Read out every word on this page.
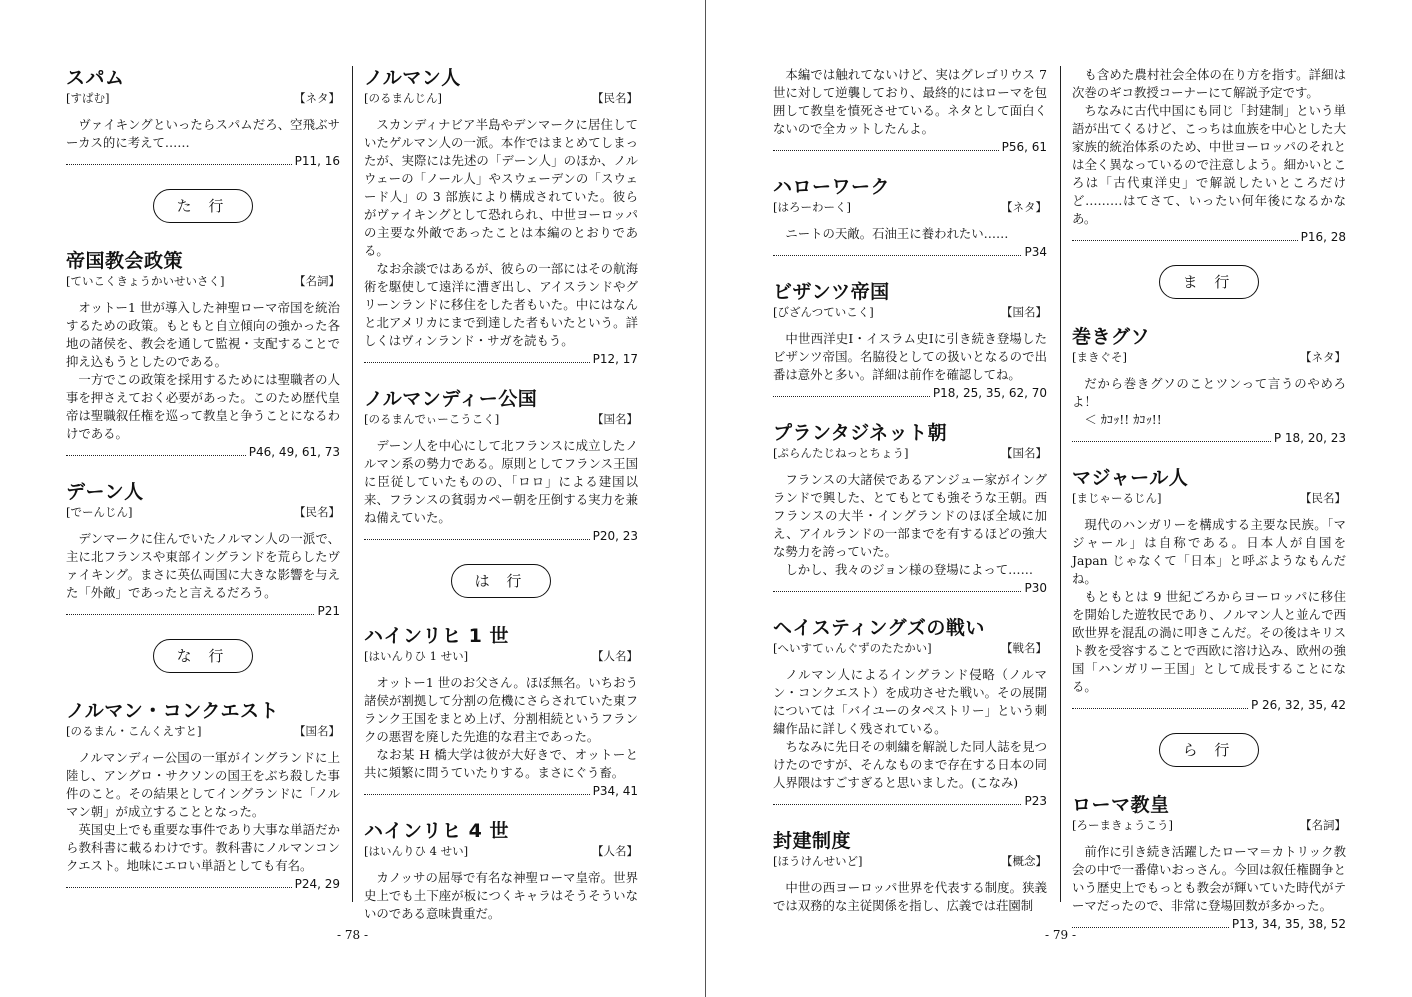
スパム
[すぱむ]	【ネタ】

ヴァイキングといったらスパムだろ、空飛ぶサーカス的に考えて……

P11, 16
た 行
帝国教会政策
[ていこくきょうかいせいさく]	【名詞】

オットー1 世が導入した神聖ローマ帝国を統治するための政策。もともと自立傾向の強かった各地の諸侯を、教会を通して監視・支配することで抑え込もうとしたのである。

一方でこの政策を採用するためには聖職者の人事を押さえておく必要があった。このため歴代皇帝は聖職叙任権を巡って教皇と争うことになるわけである。

P46, 49, 61, 73
デーン人
[でーんじん]	【民名】

デンマークに住んでいたノルマン人の一派で、主に北フランスや東部イングランドを荒らしたヴァイキング。まさに英仏両国に大きな影響を与えた「外敵」であったと言えるだろう。

P21
な 行
ノルマン・コンクエスト
[のるまん・こんくえすと]	【国名】

ノルマンディー公国の一軍がイングランドに上陸し、アングロ・サクソンの国王をぶち殺した事件のこと。その結果としてイングランドに「ノルマン朝」が成立することとなった。

英国史上でも重要な事件であり大事な単語だから教科書に載るわけです。教科書にノルマンコンクエスト。地味にエロい単語としても有名。

P24, 29
ノルマン人
[のるまんじん]	【民名】

スカンディナビア半島やデンマークに居住していたゲルマン人の一派。本作ではまとめてしまったが、実際には先述の「デーン人」のほか、ノルウェーの「ノール人」やスウェーデンの「スウェード人」の 3 部族により構成されていた。彼らがヴァイキングとして恐れられ、中世ヨーロッパの主要な外敵であったことは本編のとおりである。

なお余談ではあるが、彼らの一部にはその航海術を駆使して遠洋に漕ぎ出し、アイスランドやグリーンランドに移住をした者もいた。中にはなんと北アメリカにまで到達した者もいたという。詳しくはヴィンランド・サガを読もう。

P12, 17
ノルマンディー公国
[のるまんでぃーこうこく]	【国名】

デーン人を中心にして北フランスに成立したノルマン系の勢力である。原則としてフランス王国に臣従していたものの、「ロロ」による建国以来、フランスの貧弱カペー朝を圧倒する実力を兼ね備えていた。

P20, 23
は 行
ハインリヒ 1 世
[はいんりひ 1 せい]	【人名】

オットー1 世のお父さん。ほぼ無名。いちおう諸侯が割拠して分割の危機にさらされていた東フランク王国をまとめ上げ、分割相続というフランクの悪習を廃した先進的な君主であった。

なお某 H 橋大学は彼が大好きで、オットーと共に頻繁に問うていたりする。まさにぐう畜。

P34, 41
ハインリヒ 4 世
[はいんりひ 4 せい]	【人名】

カノッサの屈辱で有名な神聖ローマ皇帝。世界史上でも土下座が板につくキャラはそうそういないのである意味貴重だ。

本編では触れてないけど、実はグレゴリウス 7 世に対して逆襲しており、最終的にはローマを包囲して教皇を憤死させている。ネタとして面白くないので全カットしたんよ。

P56, 61
ハローワーク
[はろーわーく]	【ネタ】

ニートの天敵。石油王に養われたい……

P34
ビザンツ帝国
[びざんつていこく]	【国名】

中世西洋史Ⅰ・イスラム史Ⅰに引き続き登場したビザンツ帝国。名脇役としての扱いとなるので出番は意外と多い。詳細は前作を確認してね。

P18, 25, 35, 62, 70
プランタジネット朝
[ぷらんたじねっとちょう]	【国名】

フランスの大諸侯であるアンジュー家がイングランドで興した、とてもとても強そうな王朝。西フランスの大半・イングランドのほぼ全域に加え、アイルランドの一部までを有するほどの強大な勢力を誇っていた。

しかし、我々のジョン様の登場によって……

P30
ヘイスティングズの戦い
[へいすてぃんぐずのたたかい]	【戦名】

ノルマン人によるイングランド侵略（ノルマン・コンクエスト）を成功させた戦い。その展開については「バイユーのタペストリー」という刺繍作品に詳しく残されている。

ちなみに先日その刺繍を解説した同人誌を見つけたのですが、そんなものまで存在する日本の同人界隈はすごすぎると思いました。(こなみ)

P23
封建制度
[ほうけんせいど]	【概念】

中世の西ヨーロッパ世界を代表する制度。狭義では双務的な主従関係を指し、広義では荘園制

も含めた農村社会全体の在り方を指す。詳細は次巻のギコ教授コーナーにて解説予定です。

ちなみに古代中国にも同じ「封建制」という単語が出てくるけど、こっちは血族を中心とした大家族的統治体系のため、中世ヨーロッパのそれとは全く異なっているので注意しよう。細かいところは「古代東洋史」で解説したいところだけど………はてさて、いったい何年後になるかなあ。

P16, 28
ま 行
巻きグソ
[まきぐそ]	【ネタ】

だから巻きグソのことツンって言うのやめろよ！

＜ ｶｺｯ!! ｶｺｯ!!

P 18, 20, 23
マジャール人
[まじゃーるじん]	【民名】

現代のハンガリーを構成する主要な民族。「マジャール」は自称である。日本人が自国を Japan じゃなくて「日本」と呼ぶようなもんだね。

もともとは 9 世紀ごろからヨーロッパに移住を開始した遊牧民であり、ノルマン人と並んで西欧世界を混乱の渦に叩きこんだ。その後はキリスト教を受容することで西欧に溶け込み、欧州の強国「ハンガリー王国」として成長することになる。

P 26, 32, 35, 42
ら 行
ローマ教皇
[ろーまきょうこう]	【名詞】

前作に引き続き活躍したローマ＝カトリック教会の中で一番偉いおっさん。今回は叙任権闘争という歴史上でもっとも教会が輝いていた時代がテーマだったので、非常に登場回数が多かった。

P13, 34, 35, 38, 52
- 78 -	- 79 -
